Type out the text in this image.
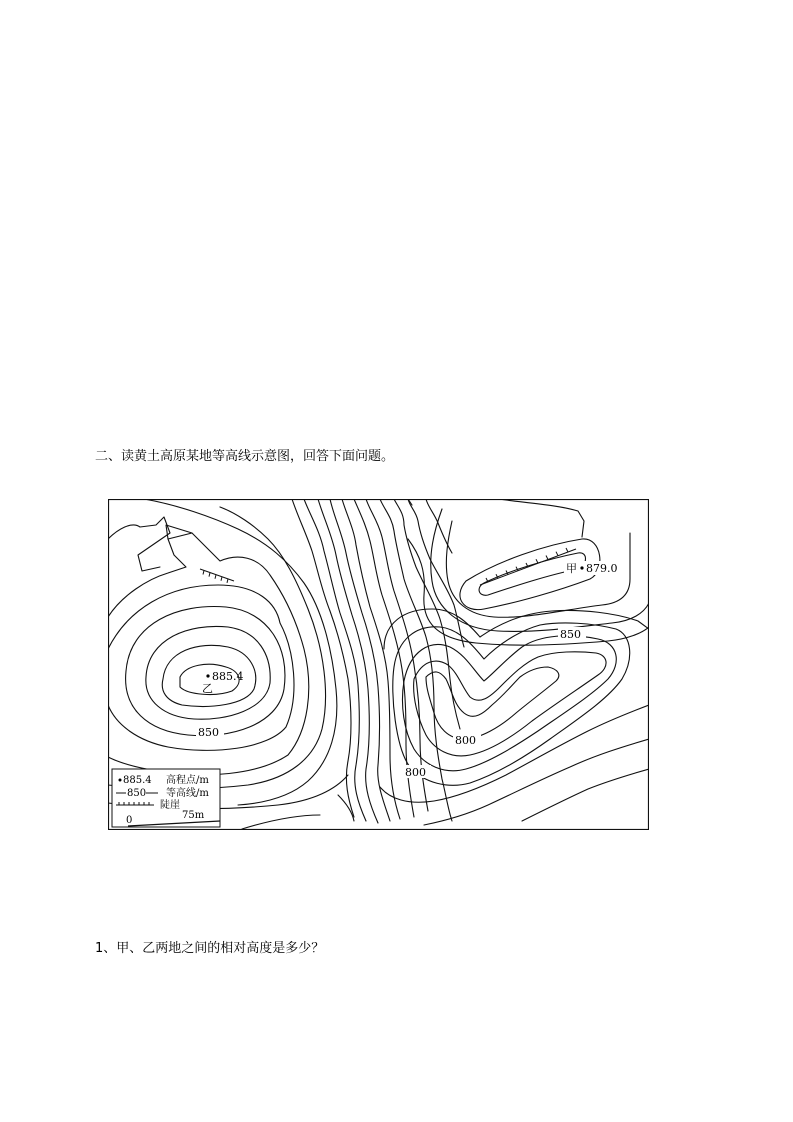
二、读黄土高原某地等高线示意图，回答下面问题。
850
850
800
800
甲 879.0
885.4
乙
885.4 高程点/m
850 等高线/m
陡崖
0	75m
1、甲、乙两地之间的相对高度是多少？
